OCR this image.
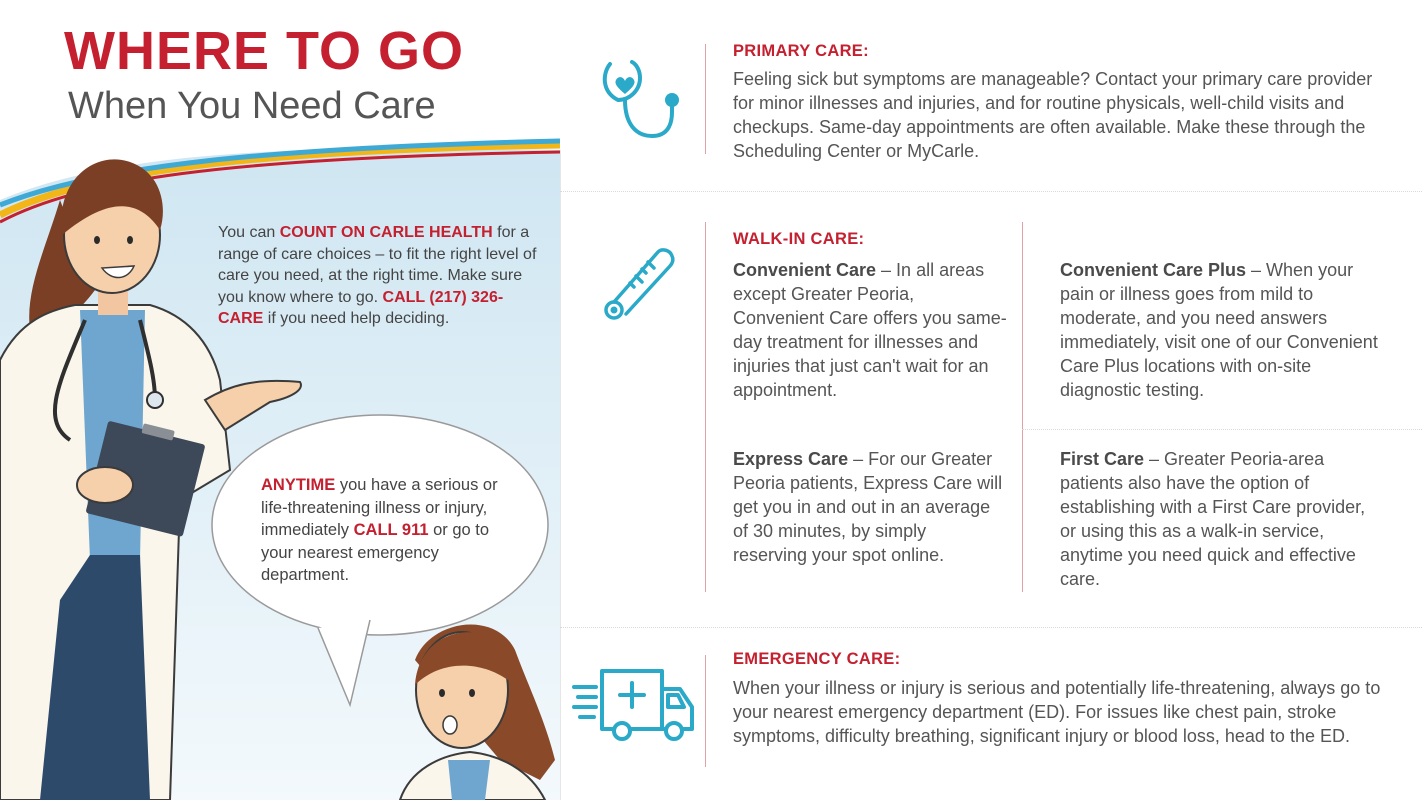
WHERE TO GO
When You Need Care

You can COUNT ON CARLE HEALTH for a range of care choices – to fit the right level of care you need, at the right time. Make sure you know where to go. CALL (217) 326-CARE if you need help deciding.

ANYTIME you have a serious or life-threatening illness or injury, immediately CALL 911 or go to your nearest emergency department.

PRIMARY CARE:

Feeling sick but symptoms are manageable? Contact your primary care provider for minor illnesses and injuries, and for routine physicals, well-child visits and checkups. Same-day appointments are often available. Make these through the Scheduling Center or MyCarle.

WALK-IN CARE:

Convenient Care – In all areas except Greater Peoria, Convenient Care offers you same-day treatment for illnesses and injuries that just can't wait for an appointment.

Convenient Care Plus – When your pain or illness goes from mild to moderate, and you need answers immediately, visit one of our Convenient Care Plus locations with on-site diagnostic testing.

Express Care – For our Greater Peoria patients, Express Care will get you in and out in an average of 30 minutes, by simply reserving your spot online.

First Care – Greater Peoria-area patients also have the option of establishing with a First Care provider, or using this as a walk-in service, anytime you need quick and effective care.

EMERGENCY CARE:

When your illness or injury is serious and potentially life-threatening, always go to your nearest emergency department (ED). For issues like chest pain, stroke symptoms, difficulty breathing, significant injury or blood loss, head to the ED.
